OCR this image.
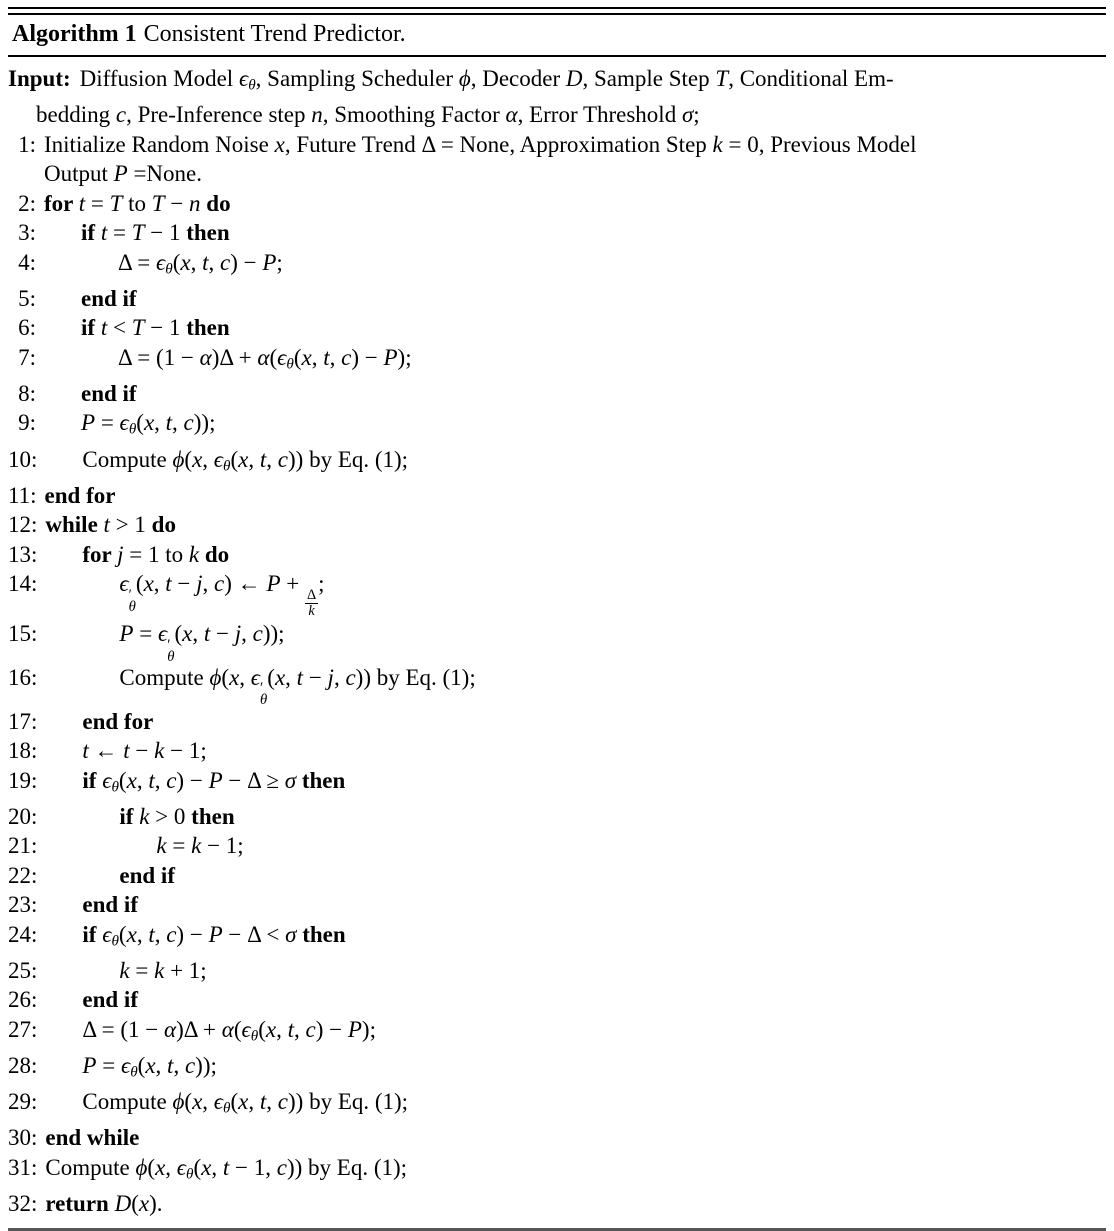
Algorithm 1 Consistent Trend Predictor.
Input: Diffusion Model $\epsilon_\theta$, Sampling Scheduler ϕ, Decoder D, Sample Step T, Conditional Em-
bedding c, Pre-Inference step n, Smoothing Factor α, Error Threshold σ;
1: Initialize Random Noise x, Future Trend Δ = None, Approximation Step k = 0, Previous Model
Output P =None.
2: for t = T to T − n do
3: if t = T − 1 then
4:	$\Delta = \epsilon_\theta(x$, t, c) − P;
5: end if
6: if t < T − 1 then
7:	$\Delta = (1 - \alpha)\Delta + \alpha(\epsilon_\theta(x$, t, c) − P);
8: end if
9: $P = \epsilon_\theta(x$, t, c));
10: Compute ϕ(x, $\epsilon_\theta(x$, t, c)) by Eq. (1);
11: end for
12: while t > 1 do
13: for j = 1 to k do
14:	ϵ ′
θ
(x, t − j, c) ← P +
$\frac{\Delta}{k}$
;
15:	P = ϵ ′
θ
(x, t − j, c));
16:	Compute ϕ(x, ϵ ′
θ
(x, t − j, c)) by Eq. (1);
17: end for
18: t ← t − k − 1;
19: if $\epsilon_\theta(x$, t, c) − P − Δ ≥ σ then
20:	if k > 0 then
21:	k = k − 1;
22:	end if
23: end if
24: if $\epsilon_\theta(x$, t, c) − P − Δ < σ then
25:	k = k + 1;
26: end if
27: $\Delta = (1 - \alpha)\Delta + \alpha(\epsilon_\theta(x$, t, c) − P);
28: $P = \epsilon_\theta(x$, t, c));
29: Compute ϕ(x, $\epsilon_\theta(x$, t, c)) by Eq. (1);
30: end while
31: Compute ϕ(x, $\epsilon_\theta(x$, t − 1, c)) by Eq. (1);
32: return D(x).
